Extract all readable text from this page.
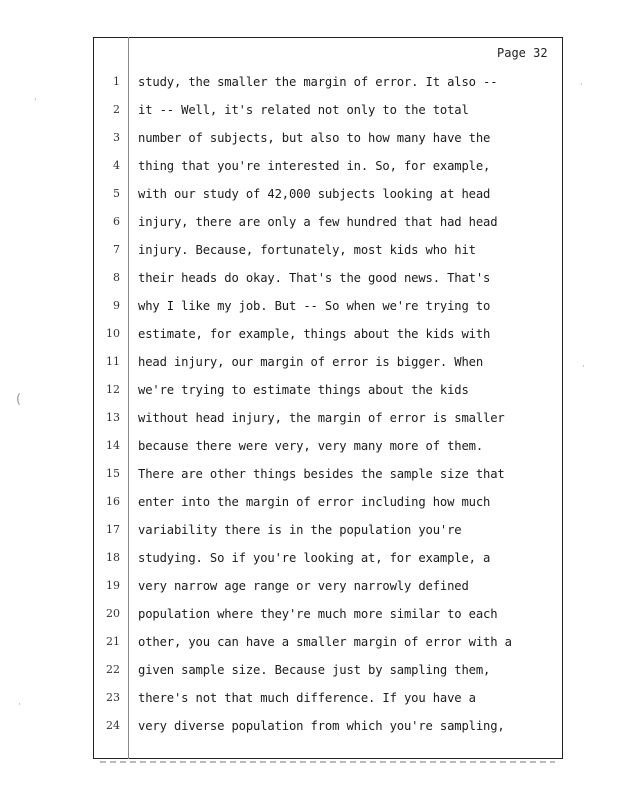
Page 32
1 study, the smaller the margin of error. It also --
2 it -- Well, it's related not only to the total
3 number of subjects, but also to how many have the
4 thing that you're interested in. So, for example,
5 with our study of 42,000 subjects looking at head
6 injury, there are only a few hundred that had head
7 injury. Because, fortunately, most kids who hit
8 their heads do okay. That's the good news. That's
9 why I like my job. But -- So when we're trying to
10 estimate, for example, things about the kids with
11 head injury, our margin of error is bigger. When
12 we're trying to estimate things about the kids
13 without head injury, the margin of error is smaller
14 because there were very, very many more of them.
15 There are other things besides the sample size that
16 enter into the margin of error including how much
17 variability there is in the population you're
18 studying. So if you're looking at, for example, a
19 very narrow age range or very narrowly defined
20 population where they're much more similar to each
21 other, you can have a smaller margin of error with a
22 given sample size. Because just by sampling them,
23 there's not that much difference. If you have a
24 very diverse population from which you're sampling,
ˌ
(
·
·
·
